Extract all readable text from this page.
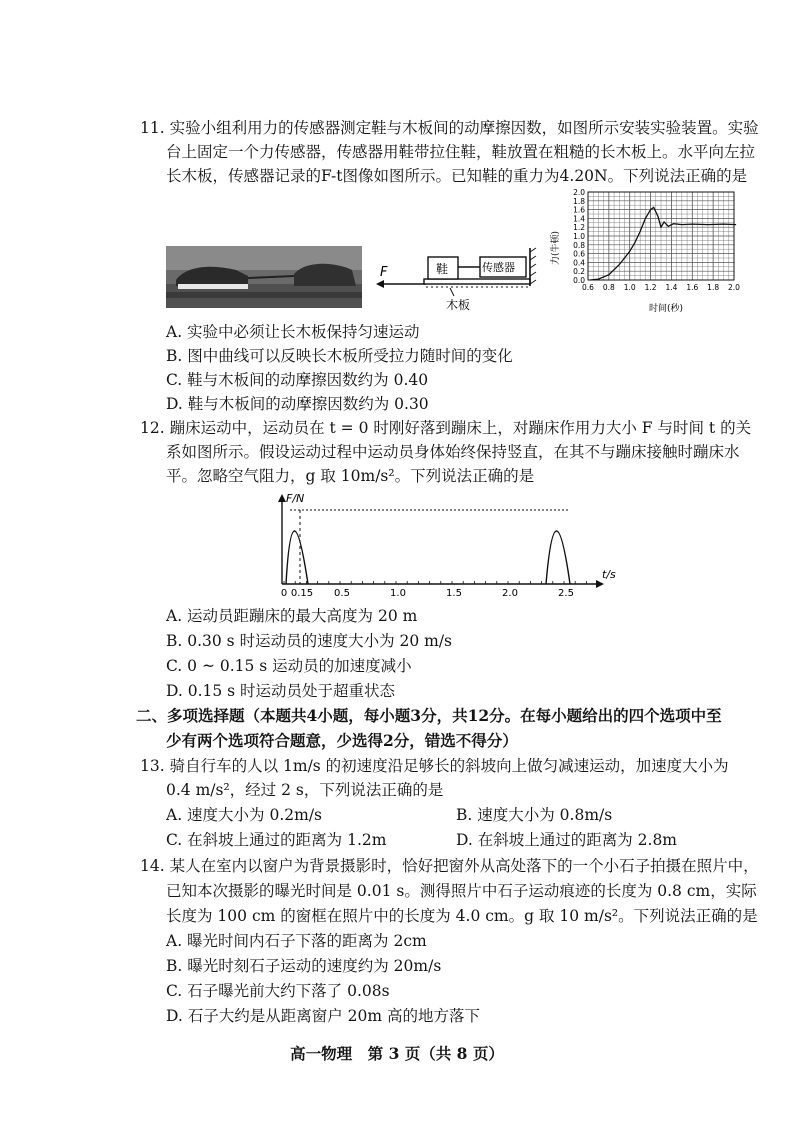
11. 实验小组利用力的传感器测定鞋与木板间的动摩擦因数，如图所示安装实验装置。实验
台上固定一个力传感器，传感器用鞋带拉住鞋，鞋放置在粗糙的长木板上。水平向左拉
长木板，传感器记录的F-t图像如图所示。已知鞋的重力为4.20N。下列说法正确的是
F	鞋	传感器
木板
0.0
0.2
0.4
0.6
0.8
1.0
1.2
1.4
1.6
1.8
2.0
0.6 0.8 1.0 1.2 1.4 1.6 1.8 2.0
力(牛顿)
时间(秒)
A. 实验中必须让长木板保持匀速运动
B. 图中曲线可以反映长木板所受拉力随时间的变化
C. 鞋与木板间的动摩擦因数约为 0.40
D. 鞋与木板间的动摩擦因数约为 0.30
12. 蹦床运动中，运动员在 t = 0 时刚好落到蹦床上，对蹦床作用力大小 F 与时间 t 的关
系如图所示。假设运动过程中运动员身体始终保持竖直，在其不与蹦床接触时蹦床水
平。忽略空气阻力，g 取 10m/s²。下列说法正确的是
F/N
t/s
0 0.15 0.5	1.0	1.5	2.0	2.5
A. 运动员距蹦床的最大高度为 20 m
B. 0.30 s 时运动员的速度大小为 20 m/s
C. 0 ~ 0.15 s 运动员的加速度减小
D. 0.15 s 时运动员处于超重状态
二、多项选择题（本题共4小题，每小题3分，共12分。在每小题给出的四个选项中至
少有两个选项符合题意，少选得2分，错选不得分）
13. 骑自行车的人以 1m/s 的初速度沿足够长的斜坡向上做匀减速运动，加速度大小为
0.4 m/s²，经过 2 s，下列说法正确的是
A. 速度大小为 0.2m/s	B. 速度大小为 0.8m/s
C. 在斜坡上通过的距离为 1.2m	D. 在斜坡上通过的距离为 2.8m
14. 某人在室内以窗户为背景摄影时，恰好把窗外从高处落下的一个小石子拍摄在照片中，
已知本次摄影的曝光时间是 0.01 s。测得照片中石子运动痕迹的长度为 0.8 cm，实际
长度为 100 cm 的窗框在照片中的长度为 4.0 cm。g 取 10 m/s²。下列说法正确的是
A. 曝光时间内石子下落的距离为 2cm
B. 曝光时刻石子运动的速度约为 20m/s
C. 石子曝光前大约下落了 0.08s
D. 石子大约是从距离窗户 20m 高的地方落下
高一物理　第 3 页（共 8 页）
